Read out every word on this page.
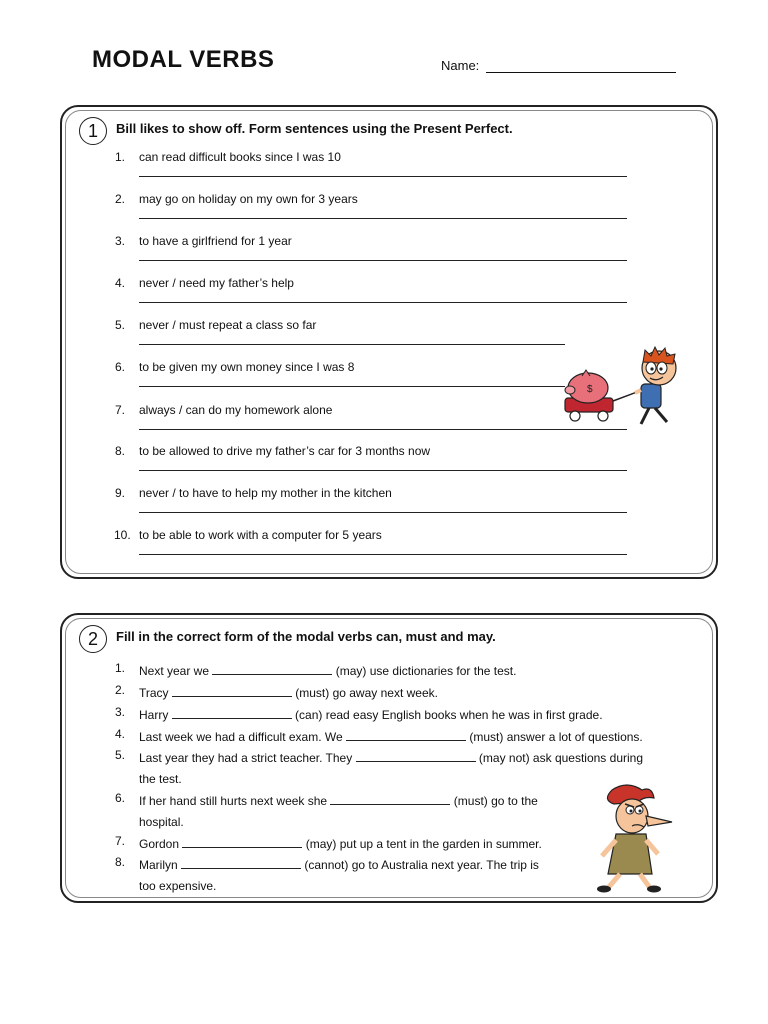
MODAL VERBS	Name:
1	Bill likes to show off. Form sentences using the Present Perfect.
1.	can read difficult books since I was 10
2.	may go on holiday on my own for 3 years
3.	to have a girlfriend for 1 year
4.	never / need my father’s help
5.	never / must repeat a class so far
6.	to be given my own money since I was 8
7.	always / can do my homework alone
8.	to be allowed to drive my father’s car for 3 months now
9.	never / to have to help my mother in the kitchen
10. to be able to work with a computer for 5 years
$
2	Fill in the correct form of the modal verbs can, must and may.
1.	Next year we	(may) use dictionaries for the test.
2.	Tracy	(must) go away next week.
3.	Harry	(can) read easy English books when he was in first grade.
4.	Last week we had a difficult exam. We	(must) answer a lot of questions.
5.	Last year they had a strict teacher. They	(may not) ask questions during
the test.
6.	If her hand still hurts next week she	(must) go to the
hospital.
7.	Gordon	(may) put up a tent in the garden in summer.
8.	Marilyn	(cannot) go to Australia next year. The trip is
too expensive.
